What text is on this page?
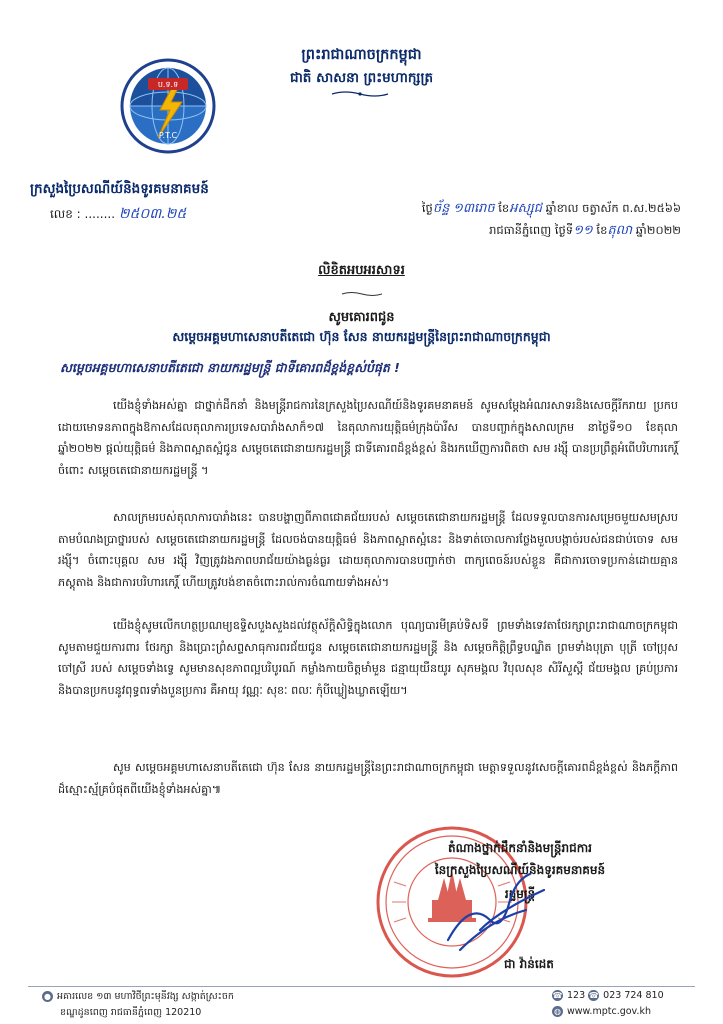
ព្រះរាជាណាចក្រកម្ពុជា
ជាតិ សាសនា ព្រះមហាក្សត្រ
ប.ទ.ទ
P.T.C
ក្រសួងប្រៃសណីយ៍និងទូរគមនាគមន៍
លេខ : ........ ២៥០៣.២៥	ថ្ងៃច័ន្ទ ១៣រោច ខែអស្សុជ ឆ្នាំខាល ចត្វាស័ក ព.ស.២៥៦៦
រាជធានីភ្នំពេញ ថ្ងៃទី១១ ខែតុលា ឆ្នាំ២០២២
លិខិតអបអរសាទរ
សូមគោរពជូន
សម្តេចអគ្គមហាសេនាបតីតេជោ ហ៊ុន សែន នាយករដ្ឋមន្ត្រីនៃព្រះរាជាណាចក្រកម្ពុជា
សម្តេចអគ្គមហាសេនាបតីតេជោ នាយករដ្ឋមន្ត្រី ជាទីគោរពដ៏ខ្ពង់ខ្ពស់បំផុត !
យើងខ្ញុំទាំងអស់គ្នា ជាថ្នាក់ដឹកនាំ និងមន្ត្រីរាជការនៃក្រសួងប្រៃសណីយ៍និងទូរគមនាគមន៍ សូមសម្តែងអំណរសាទរនិងសេចក្តីរីករាយ ប្រកបដោយមោទនភាពក្នុងឱកាសដែលតុលាការប្រទេសបារាំងសាក៏១៧ នៃតុលាការយុត្តិធម៌ក្រុងប៉ារីស បានបញ្ចាក់ក្នុងសាលក្រម នាថ្ងៃទី១០ ខែតុលា ឆ្នាំ២០២២ ផ្តល់យុត្តិធម៌ និងភាពស្អាតស្អំជូន សម្តេចតេជោនាយករដ្ឋមន្ត្រី ជាទីគោរពដ៏ខ្ពង់ខ្ពស់ និងរកឃើញការពិតថា សម រង្ស៊ី បានប្រព្រឹត្តអំពើបរិហារកេរ្តិ៍ចំពោះ សម្តេចតេជោនាយករដ្ឋមន្ត្រី ។
សាលក្រមរបស់តុលាការបារាំងនេះ បានបង្ហាញពីភាពជោគជ័យរបស់ សម្តេចតេជោនាយករដ្ឋមន្ត្រី ដែលទទួលបានការសម្រេចមួយសមស្របតាមបំណងប្រាថ្នារបស់ សម្តេចតេជោនាយករដ្ឋមន្ត្រី ដែលចង់បានយុត្តិធម៌ និងភាពស្អាតស្អំនេះ និងទាត់ចោលការថ្លែងមួលបង្កាច់របស់ជនជាប់ចោទ សម រង្ស៊ី។ ចំពោះបុគ្គល សម រង្ស៊ី វិញត្រូវរងភាពបរាជ័យយ៉ាងធ្ងន់ធ្ងរ ដោយតុលាការបានបញ្ជាក់ថា ពាក្យពេចន៍របស់ខ្លួន គឺជាការចោទប្រកាន់ដោយគ្មានភស្តុតាង និងជាការបរិហារកេរ្តិ៍ ហើយត្រូវបង់ខាតចំពោះរាល់ការចំណាយទាំងអស់។
យើងខ្ញុំសូមលើកហត្ថប្រណម្យឧទ្ទិសបួងសួងដល់វត្ថុស័ក្តិសិទ្ធិក្នុងលោក បុណ្យបារមីគ្រប់ទិសទី ព្រមទាំងទេវតាថែរក្សាព្រះរាជាណាចក្រកម្ពុជា សូមតាមជួយការពារ ថែរក្សា និងប្រោះព្រំសព្ទសាធុការពរជ័យជូន សម្តេចតេជោនាយករដ្ឋមន្ត្រី និង សម្តេចកិត្តិព្រឹទ្ធបណ្ឌិត ព្រមទាំងបុត្រា បុត្រី ចៅប្រុស ចៅស្រី របស់ សម្តេចទាំងទ្វេ សូមមានសុខភាពល្អបរិបូរណ៍ កម្លាំងកាយចិត្តមាំមួន ជន្មាយុយឺនយូរ សុភមង្គល វិបុលសុខ សិរីសួស្តី ជ័យមង្គល គ្រប់ប្រការ និងបានប្រកបនូវពុទ្ធពរទាំងបួនប្រការ គឺអាយុ វណ្ណៈ សុខៈ ពលៈ កុំបីឃ្លៀងឃ្លាតឡើយ។
សូម សម្តេចអគ្គមហាសេនាបតីតេជោ ហ៊ុន សែន នាយករដ្ឋមន្ត្រីនៃព្រះរាជាណាចក្រកម្ពុជា មេត្តាទទួលនូវសេចក្តីគោរពដ៏ខ្ពង់ខ្ពស់ និងភក្តីភាពដ៏ស្មោះស្ម័គ្របំផុតពីយើងខ្ញុំទាំងអស់គ្នា៕
តំណាងថ្នាក់ដឹកនាំនិងមន្ត្រីរាជការ
នៃក្រសួងប្រៃសណីយ៍និងទូរគមនាគមន៍
រដ្ឋមន្ត្រី
ជា វ៉ាន់ដេត
● អគារលេខ ១៣ មហាវិថីព្រះមុនីវង្ស សង្កាត់ស្រះចក
ខណ្ឌដូនពេញ រាជធានីភ្នំពេញ 120210
☎ 123 ☎ 023 724 810
◍ www.mptc.gov.kh
